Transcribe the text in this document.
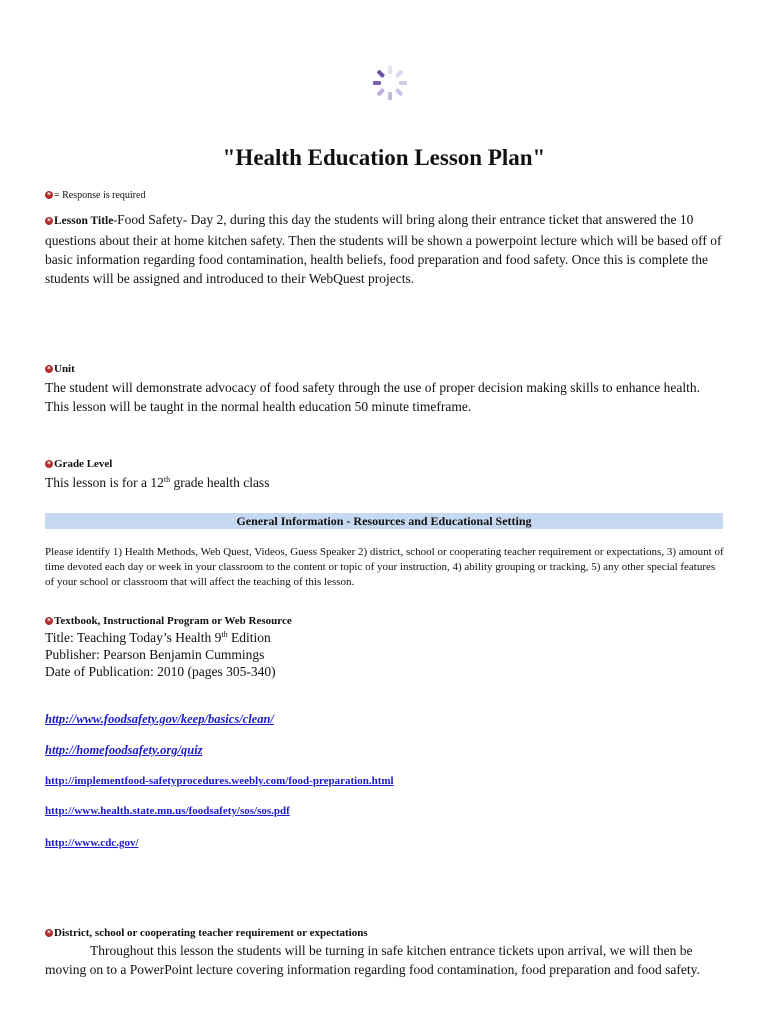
"Health Education Lesson Plan"
* = Response is required
* Lesson Title-Food Safety- Day 2, during this day the students will bring along their entrance ticket that answered the 10 questions about their at home kitchen safety. Then the students will be shown a powerpoint lecture which will be based off of basic information regarding food contamination, health beliefs, food preparation and food safety. Once this is complete the students will be assigned and introduced to their WebQuest projects.
* Unit
The student will demonstrate advocacy of food safety through the use of proper decision making skills to enhance health. This lesson will be taught in the normal health education 50 minute timeframe.
* Grade Level
This lesson is for a 12th grade health class
General Information - Resources and Educational Setting
Please identify 1) Health Methods, Web Quest, Videos, Guess Speaker 2) district, school or cooperating teacher requirement or expectations, 3) amount of time devoted each day or week in your classroom to the content or topic of your instruction, 4) ability grouping or tracking, 5) any other special features of your school or classroom that will affect the teaching of this lesson.
* Textbook, Instructional Program or Web Resource
Title: Teaching Today’s Health 9th Edition
Publisher: Pearson Benjamin Cummings
Date of Publication: 2010 (pages 305-340)
http://www.foodsafety.gov/keep/basics/clean/
http://homefoodsafety.org/quiz
http://implementfood-safetyprocedures.weebly.com/food-preparation.html
http://www.health.state.mn.us/foodsafety/sos/sos.pdf
http://www.cdc.gov/
* District, school or cooperating teacher requirement or expectations
Throughout this lesson the students will be turning in safe kitchen entrance tickets upon arrival, we will then be moving on to a PowerPoint lecture covering information regarding food contamination, food preparation and food safety.
